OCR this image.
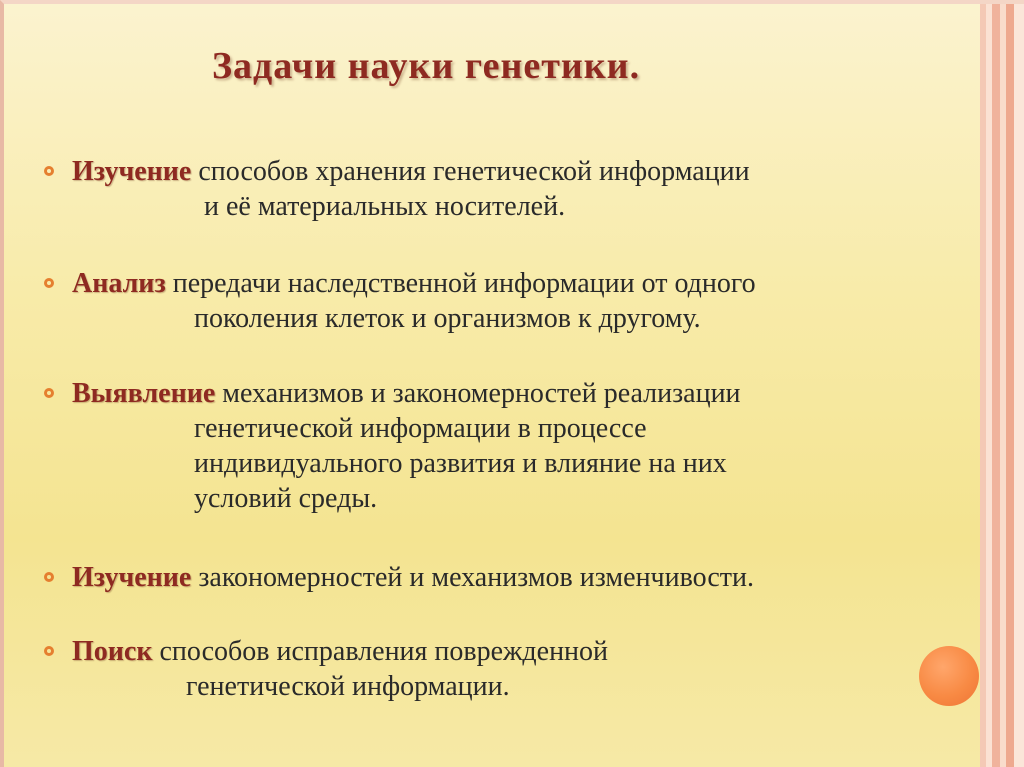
Задачи науки генетики.

Изучение способов хранения генетической информации

и её материальных носителей.

Анализ передачи наследственной информации от одного

поколения клеток и организмов к другому.

Выявление механизмов и закономерностей реализации

генетической информации в процессе

индивидуального развития и влияние на них

условий среды.

Изучение закономерностей и механизмов изменчивости.

Поиск способов исправления поврежденной

генетической информации.
